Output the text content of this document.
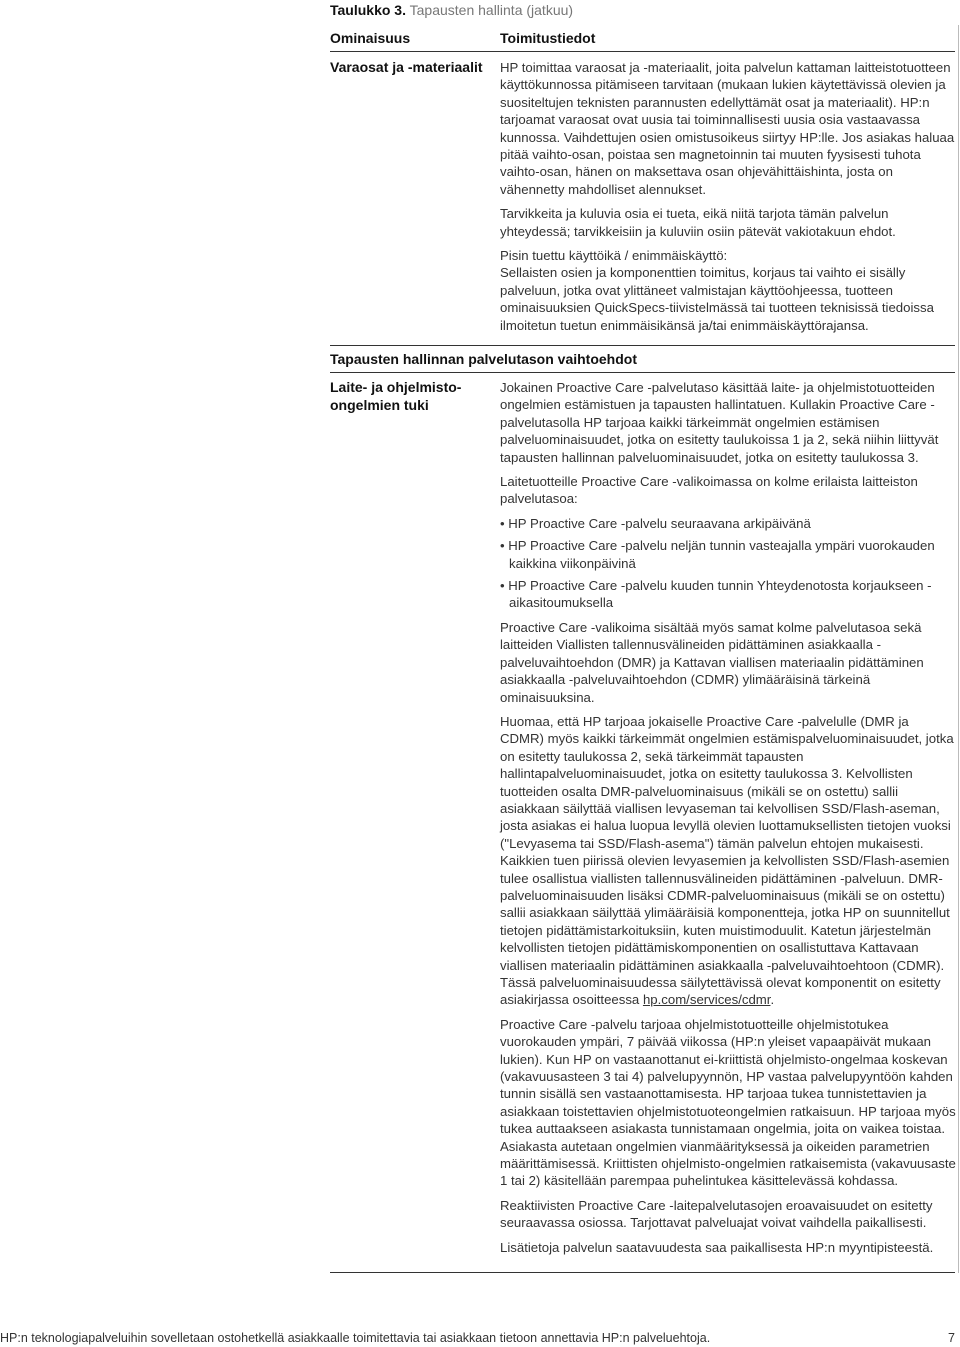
Taulukko 3. Tapausten hallinta (jatkuu)
Ominaisuus	Toimitustiedot
Varaosat ja -materiaalit HP toimittaa varaosat ja -materiaalit, joita palvelun kattaman laitteistotuotteen käyttökunnossa pitämiseen tarvitaan (mukaan lukien käytettävissä olevien ja suositeltujen teknisten parannusten edellyttämät osat ja materiaalit). HP:n tarjoamat varaosat ovat uusia tai toiminnallisesti uusia osia vastaavassa kunnossa. Vaihdettujen osien omistusoikeus siirtyy HP:lle. Jos asiakas haluaa pitää vaihto-osan, poistaa sen magnetoinnin tai muuten fyysisesti tuhota vaihto-osan, hänen on maksettava osan ohjevähittäishinta, josta on vähennetty mahdolliset alennukset.

Tarvikkeita ja kuluvia osia ei tueta, eikä niitä tarjota tämän palvelun yhteydessä; tarvikkeisiin ja kuluviin osiin pätevät vakiotakuun ehdot.

Pisin tuettu käyttöikä / enimmäiskäyttö:
Sellaisten osien ja komponenttien toimitus, korjaus tai vaihto ei sisälly palveluun, jotka ovat ylittäneet valmistajan käyttöohjeessa, tuotteen ominaisuuksien QuickSpecs-tiivistelmässä tai tuotteen teknisissä tiedoissa ilmoitetun tuetun enimmäisikänsä ja/tai enimmäiskäyttörajansa.

Tapausten hallinnan palvelutason vaihtoehdot
Laite- ja ohjelmisto-
ongelmien tuki

Jokainen Proactive Care -palvelutaso käsittää laite- ja ohjelmistotuotteiden ongelmien estämistuen ja tapausten hallintatuen. Kullakin Proactive Care -palvelutasolla HP tarjoaa kaikki tärkeimmät ongelmien estämisen palveluominaisuudet, jotka on esitetty taulukoissa 1 ja 2, sekä niihin liittyvät tapausten hallinnan palveluominaisuudet, jotka on esitetty taulukossa 3.

Laitetuotteille Proactive Care -valikoimassa on kolme erilaista laitteiston palvelutasoa:

• HP Proactive Care -palvelu seuraavana arkipäivänä

• HP Proactive Care -palvelu neljän tunnin vasteajalla ympäri vuorokauden kaikkina viikonpäivinä

• HP Proactive Care -palvelu kuuden tunnin Yhteydenotosta korjaukseen -aikasitoumuksella

Proactive Care -valikoima sisältää myös samat kolme palvelutasoa sekä laitteiden Viallisten tallennusvälineiden pidättäminen asiakkaalla -palveluvaihtoehdon (DMR) ja Kattavan viallisen materiaalin pidättäminen asiakkaalla -palveluvaihtoehdon (CDMR) ylimääräisinä tärkeinä ominaisuuksina.

Huomaa, että HP tarjoaa jokaiselle Proactive Care -palvelulle (DMR ja CDMR) myös kaikki tärkeimmät ongelmien estämispalveluominaisuudet, jotka on esitetty taulukossa 2, sekä tärkeimmät tapausten hallintapalveluominaisuudet, jotka on esitetty taulukossa 3. Kelvollisten tuotteiden osalta DMR-palveluominaisuus (mikäli se on ostettu) sallii asiakkaan säilyttää viallisen levyaseman tai kelvollisen SSD/Flash-aseman, josta asiakas ei halua luopua levyllä olevien luottamuksellisten tietojen vuoksi ("Levyasema tai SSD/Flash-asema") tämän palvelun ehtojen mukaisesti. Kaikkien tuen piirissä olevien levyasemien ja kelvollisten SSD/Flash-asemien tulee osallistua viallisten tallennusvälineiden pidättäminen -palveluun. DMR-palveluominaisuuden lisäksi CDMR-palveluominaisuus (mikäli se on ostettu) sallii asiakkaan säilyttää ylimääräisiä komponentteja, jotka HP on suunnitellut tietojen pidättämistarkoituksiin, kuten muistimoduulit. Katetun järjestelmän kelvollisten tietojen pidättämiskomponentien on osallistuttava Kattavaan viallisen materiaalin pidättäminen asiakkaalla -palveluvaihtoehtoon (CDMR). Tässä palveluominaisuudessa säilytettävissä olevat komponentit on esitetty asiakirjassa osoitteessa hp.com/services/cdmr.

Proactive Care -palvelu tarjoaa ohjelmistotuotteille ohjelmistotukea vuorokauden ympäri, 7 päivää viikossa (HP:n yleiset vapaapäivät mukaan lukien). Kun HP on vastaanottanut ei-kriittistä ohjelmisto-ongelmaa koskevan (vakavuusasteen 3 tai 4) palvelupyynnön, HP vastaa palvelupyyntöön kahden tunnin sisällä sen vastaanottamisesta. HP tarjoaa tukea tunnistettavien ja asiakkaan toistettavien ohjelmistotuoteongelmien ratkaisuun. HP tarjoaa myös tukea auttaakseen asiakasta tunnistamaan ongelmia, joita on vaikea toistaa. Asiakasta autetaan ongelmien vianmäärityksessä ja oikeiden parametrien määrittämisessä. Kriittisten ohjelmisto-ongelmien ratkaisemista (vakavuusaste 1 tai 2) käsitellään parempaa puhelintukea käsittelevässä kohdassa.

Reaktiivisten Proactive Care -laitepalvelutasojen eroavaisuudet on esitetty seuraavassa osiossa. Tarjottavat palveluajat voivat vaihdella paikallisesti.

Lisätietoja palvelun saatavuudesta saa paikallisesta HP:n myyntipisteestä.

HP:n teknologiapalveluihin sovelletaan ostohetkellä asiakkaalle toimitettavia tai asiakkaan tietoon annettavia HP:n palveluehtoja.	7
